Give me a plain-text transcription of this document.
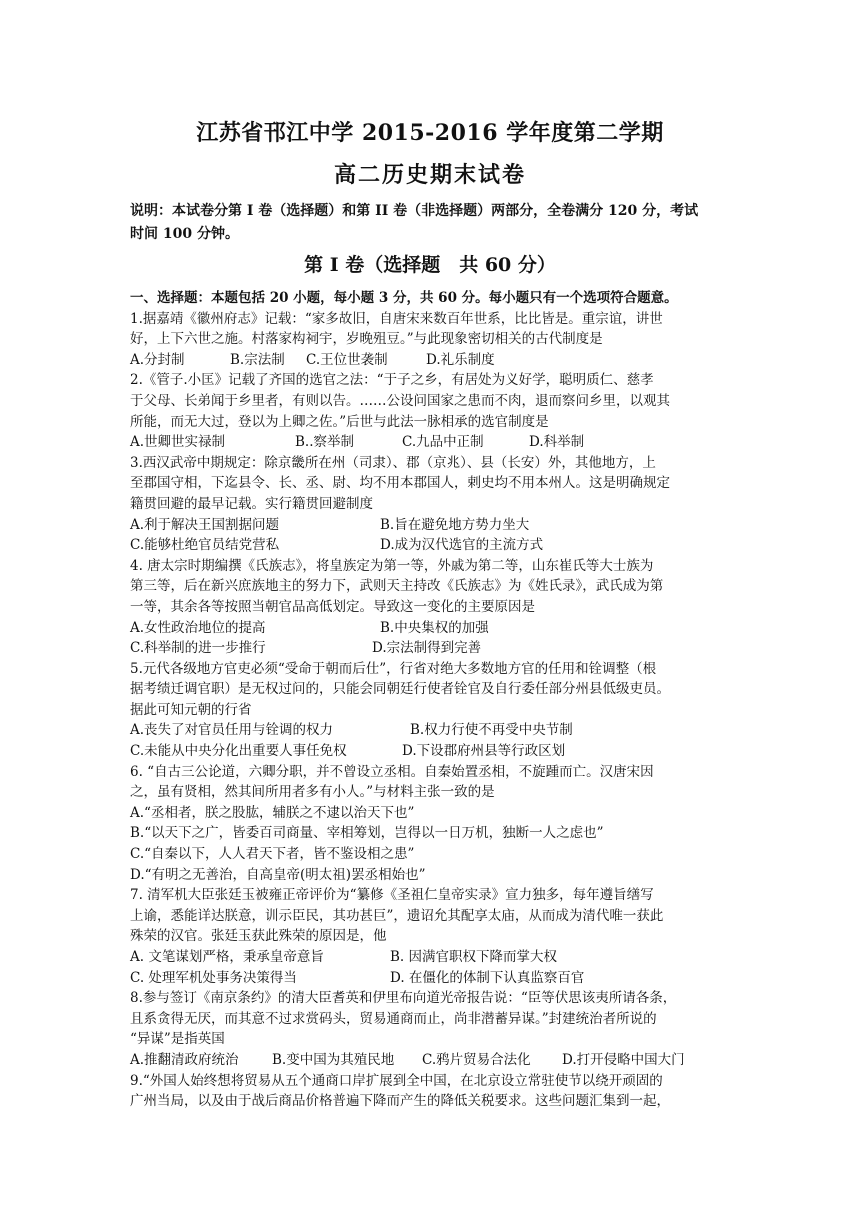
江苏省邗江中学 2015-2016 学年度第二学期
高二历史期末试卷
说明：本试卷分第 I 卷（选择题）和第 II 卷（非选择题）两部分，全卷满分 120 分，考试
时间 100 分钟。
第 I 卷（选择题　共 60 分）
一、选择题：本题包括 20 小题，每小题 3 分，共 60 分。每小题只有一个选项符合题意。
1.据嘉靖《徽州府志》记载：“家多故旧，自唐宋来数百年世系，比比皆是。重宗谊，讲世
好，上下六世之施。村落家构祠宇，岁晚殂豆。”与此现象密切相关的古代制度是
A.分封制	B.宗法制	C.王位世袭制	D.礼乐制度
2.《管子.小匡》记载了齐国的选官之法：“于子之乡，有居处为义好学，聪明质仁、慈孝
于父母、长弟闻于乡里者，有则以告。……公设问国家之患而不肉，退而察问乡里，以观其
所能，而无大过，登以为上卿之佐。”后世与此法一脉相承的选官制度是
A.世卿世实禄制	B..察举制	C.九品中正制	D.科举制
3.西汉武帝中期规定：除京畿所在州（司隶）、郡（京兆）、县（长安）外，其他地方，上
至郡国守相，下迄县令、长、丞、尉、均不用本郡国人，剌史均不用本州人。这是明确规定
籍贯回避的最早记载。实行籍贯回避制度
A.利于解决王国割据问题	B.旨在避免地方势力坐大
C.能够杜绝官员结党营私	D.成为汉代选官的主流方式
4. 唐太宗时期编撰《氏族志》，将皇族定为第一等，外戚为第二等，山东崔氏等大士族为
第三等，后在新兴庶族地主的努力下，武则天主持改《氏族志》为《姓氏录》，武氏成为第
一等，其余各等按照当朝官品高低划定。导致这一变化的主要原因是
A.女性政治地位的提高	B.中央集权的加强
C.科举制的进一步推行	D.宗法制得到完善
5.元代各级地方官吏必须“受命于朝而后仕”，行省对绝大多数地方官的任用和铨调整（根
据考绩迁调官职）是无权过问的，只能会同朝廷行使者铨官及自行委任部分州县低级吏员。
据此可知元朝的行省
A.丧失了对官员任用与铨调的权力	B.权力行使不再受中央节制
C.未能从中央分化出重要人事任免权	D.下设郡府州县等行政区划
6. “自古三公论道，六卿分职，并不曾设立丞相。自秦始置丞相，不旋踵而亡。汉唐宋因
之，虽有贤相，然其间所用者多有小人。”与材料主张一致的是
A.“丞相者，朕之股肱，辅朕之不逮以治天下也”
B.“以天下之广，皆委百司商量、宰相筹划，岂得以一日万机，独断一人之虑也”
C.“自秦以下，人人君天下者，皆不鉴设相之患”
D.“有明之无善治，自高皇帝(明太祖)罢丞相始也”
7. 清军机大臣张廷玉被雍正帝评价为“纂修《圣祖仁皇帝实录》宣力独多，每年遵旨缮写
上谕，悉能详达朕意，训示臣民，其功甚巨”，遗诏允其配享太庙，从而成为清代唯一获此
殊荣的汉官。张廷玉获此殊荣的原因是，他
A. 文笔谋划严格，秉承皇帝意旨	B. 因满官职权下降而掌大权
C. 处理军机处事务决策得当	D. 在僵化的体制下认真监察百官
8.参与签订《南京条约》的清大臣耆英和伊里布向道光帝报告说：“臣等伏思该夷所请各条，
且系贪得无厌，而其意不过求赏码头，贸易通商而止，尚非潜蓄异谋。”封建统治者所说的
“异谋”是指英国
A.推翻清政府统治	B.变中国为其殖民地	C.鸦片贸易合法化	D.打开侵略中国大门
9.“外国人始终想将贸易从五个通商口岸扩展到全中国，在北京设立常驻使节以绕开顽固的
广州当局，以及由于战后商品价格普遍下降而产生的降低关税要求。这些问题汇集到一起，
